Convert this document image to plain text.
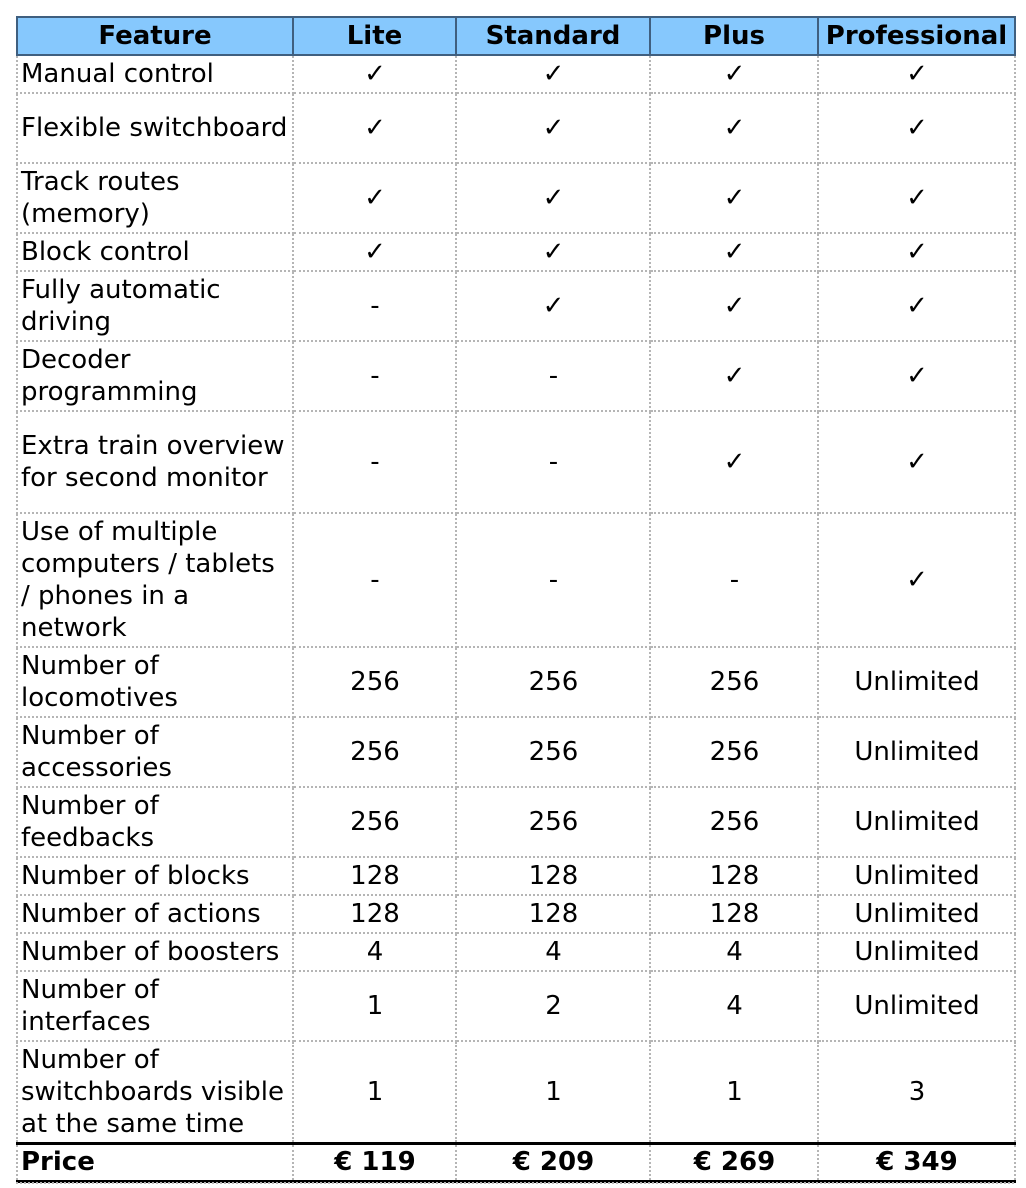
Feature	Lite	Standard	Plus	Professional
Manual control	✓	✓	✓	✓
Flexible switchboard	✓	✓	✓	✓
Track routes (memory)	✓	✓	✓	✓
Block control	✓	✓	✓	✓
Fully automatic driving	-	✓	✓	✓
Decoder programming	-	-	✓	✓
Extra train overview for second monitor	-	-	✓	✓
Use of multiple computers / tablets / phones in a network	-	-	-	✓
Number of locomotives	256	256	256	Unlimited
Number of accessories	256	256	256	Unlimited
Number of feedbacks	256	256	256	Unlimited
Number of blocks	128	128	128	Unlimited
Number of actions	128	128	128	Unlimited
Number of boosters	4	4	4	Unlimited
Number of interfaces	1	2	4	Unlimited
Number of switchboards visible at the same time	1	1	1	3
Price	€ 119	€ 209	€ 269	€ 349
